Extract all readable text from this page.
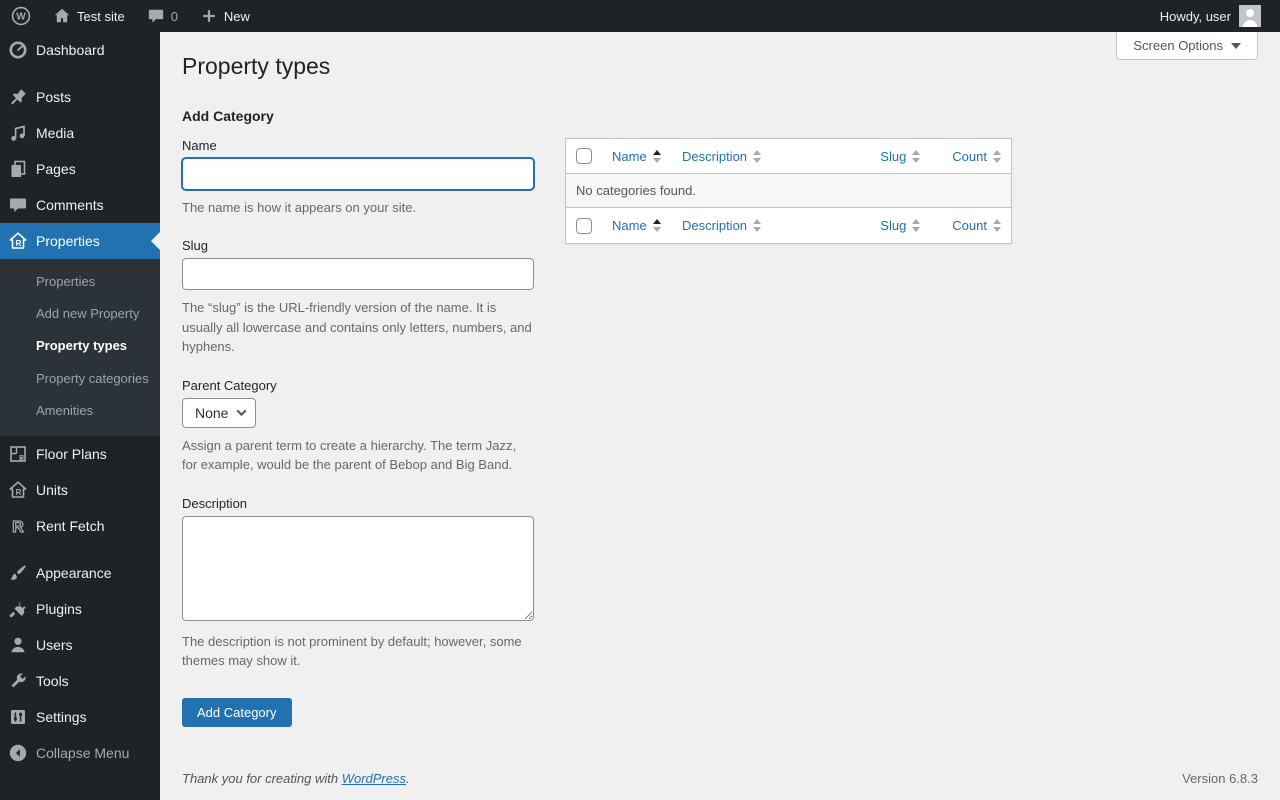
W	Test site	0	New	Howdy, user
Dashboard
Posts
Media
Pages
Comments
R Properties
Properties
Add new Property
Property types
Property categories
Amenities
R Floor Plans
R Units
R Rent Fetch
Appearance
Plugins
Users
Tools
Settings
Collapse Menu
Screen Options
Property types
Add Category
Name

The name is how it appears on your site.

Slug

The “slug” is the URL-friendly version of the name. It is usually all lowercase and contains only letters, numbers, and hyphens.

Parent Category
None

Assign a parent term to create a hierarchy. The term Jazz, for example, would be the parent of Bebop and Big Band.

Description

The description is not prominent by default; however, some themes may show it.

Add Category

	Name	Description	Slug	Count

No categories found.				

	Name	Description	Slug	Count
Thank you for creating with WordPress.	Version 6.8.3
